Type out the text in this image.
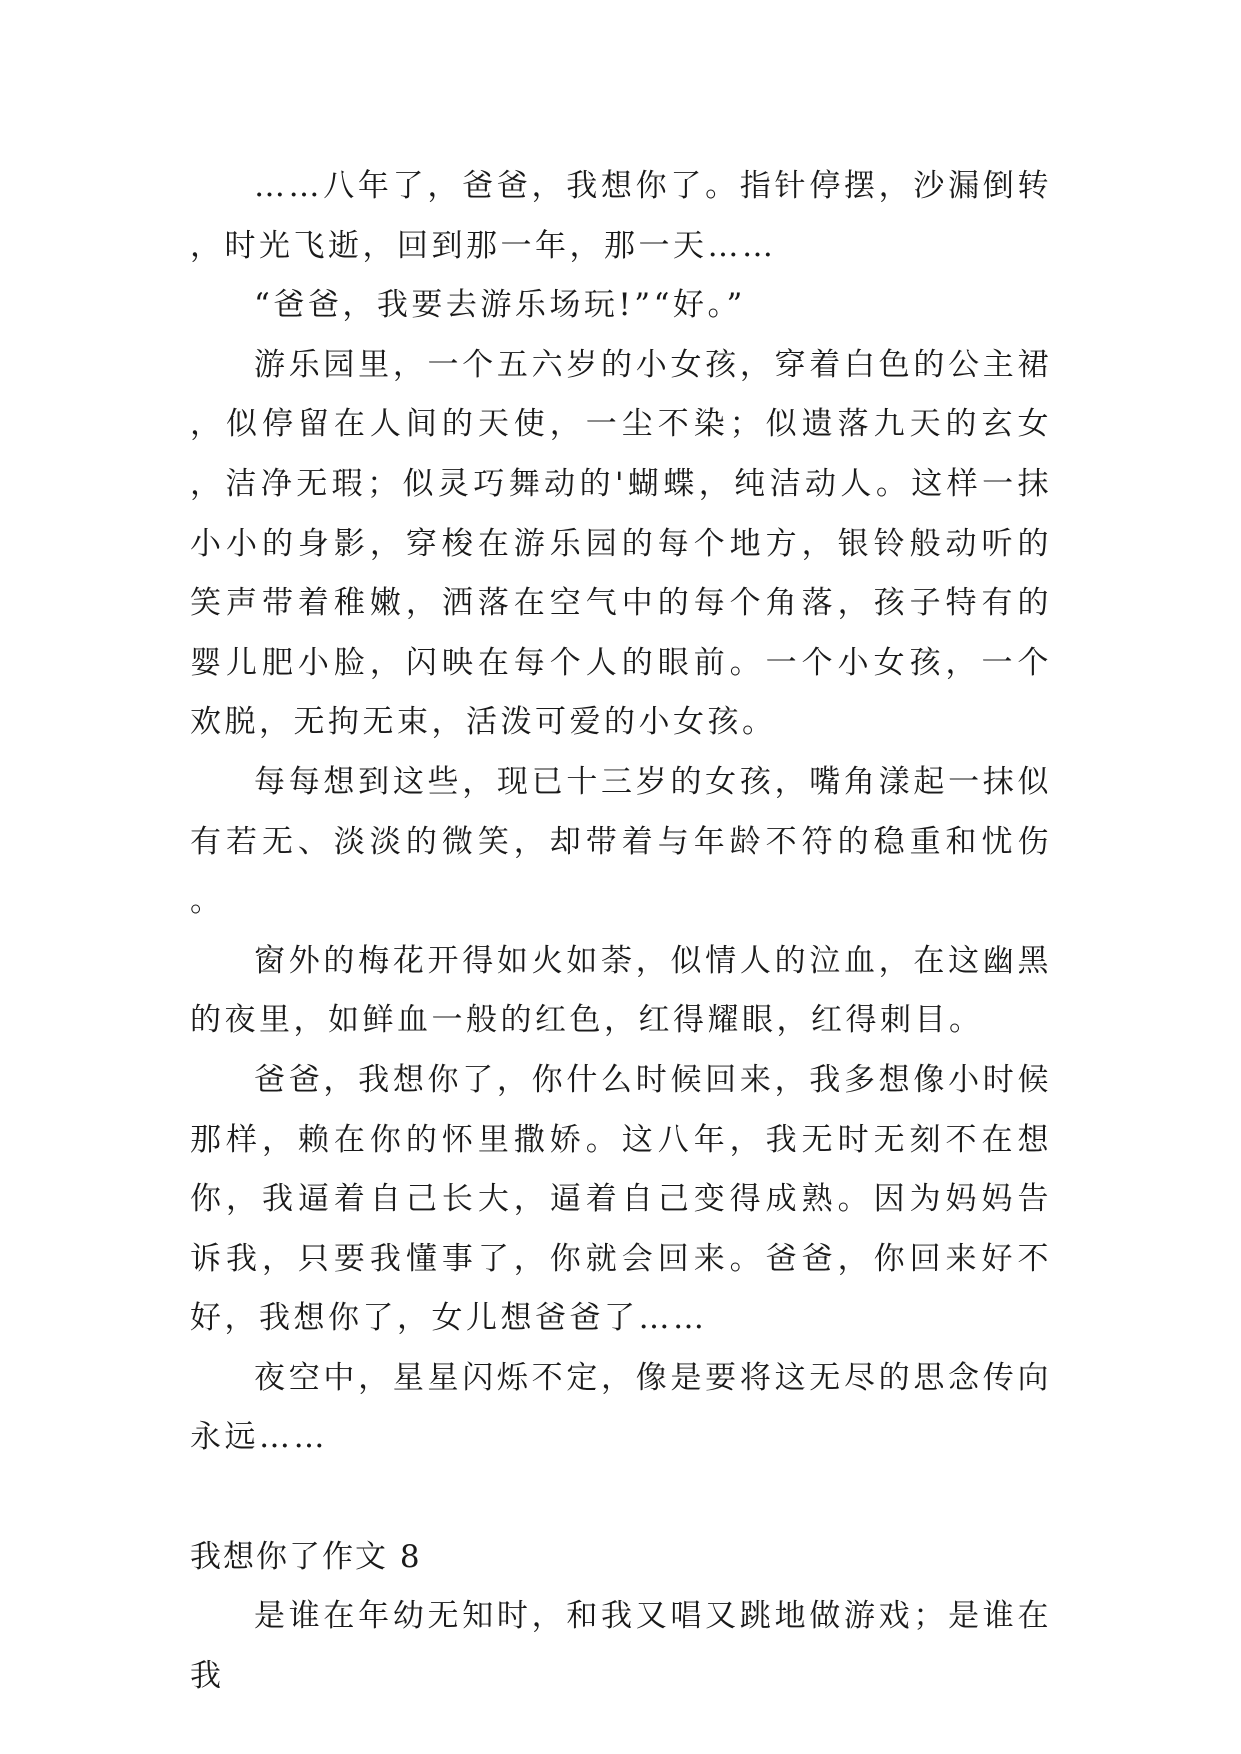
……八年了，爸爸，我想你了。指针停摆，沙漏倒转，时光飞逝，回到那一年，那一天……

“爸爸，我要去游乐场玩!”“好。”

游乐园里，一个五六岁的小女孩，穿着白色的公主裙，似停留在人间的天使，一尘不染；似遗落九天的玄女，洁净无瑕；似灵巧舞动的'蝴蝶，纯洁动人。这样一抹小小的身影，穿梭在游乐园的每个地方，银铃般动听的笑声带着稚嫩，洒落在空气中的每个角落，孩子特有的婴儿肥小脸，闪映在每个人的眼前。一个小女孩，一个欢脱，无拘无束，活泼可爱的小女孩。

每每想到这些，现已十三岁的女孩，嘴角漾起一抹似有若无、淡淡的微笑，却带着与年龄不符的稳重和忧伤。

窗外的梅花开得如火如荼，似情人的泣血，在这幽黑的夜里，如鲜血一般的红色，红得耀眼，红得刺目。

爸爸，我想你了，你什么时候回来，我多想像小时候那样，赖在你的怀里撒娇。这八年，我无时无刻不在想你，我逼着自己长大，逼着自己变得成熟。因为妈妈告诉我，只要我懂事了，你就会回来。爸爸，你回来好不好，我想你了，女儿想爸爸了……

夜空中，星星闪烁不定，像是要将这无尽的思念传向永远……

我想你了作文 8

是谁在年幼无知时，和我又唱又跳地做游戏；是谁在我
